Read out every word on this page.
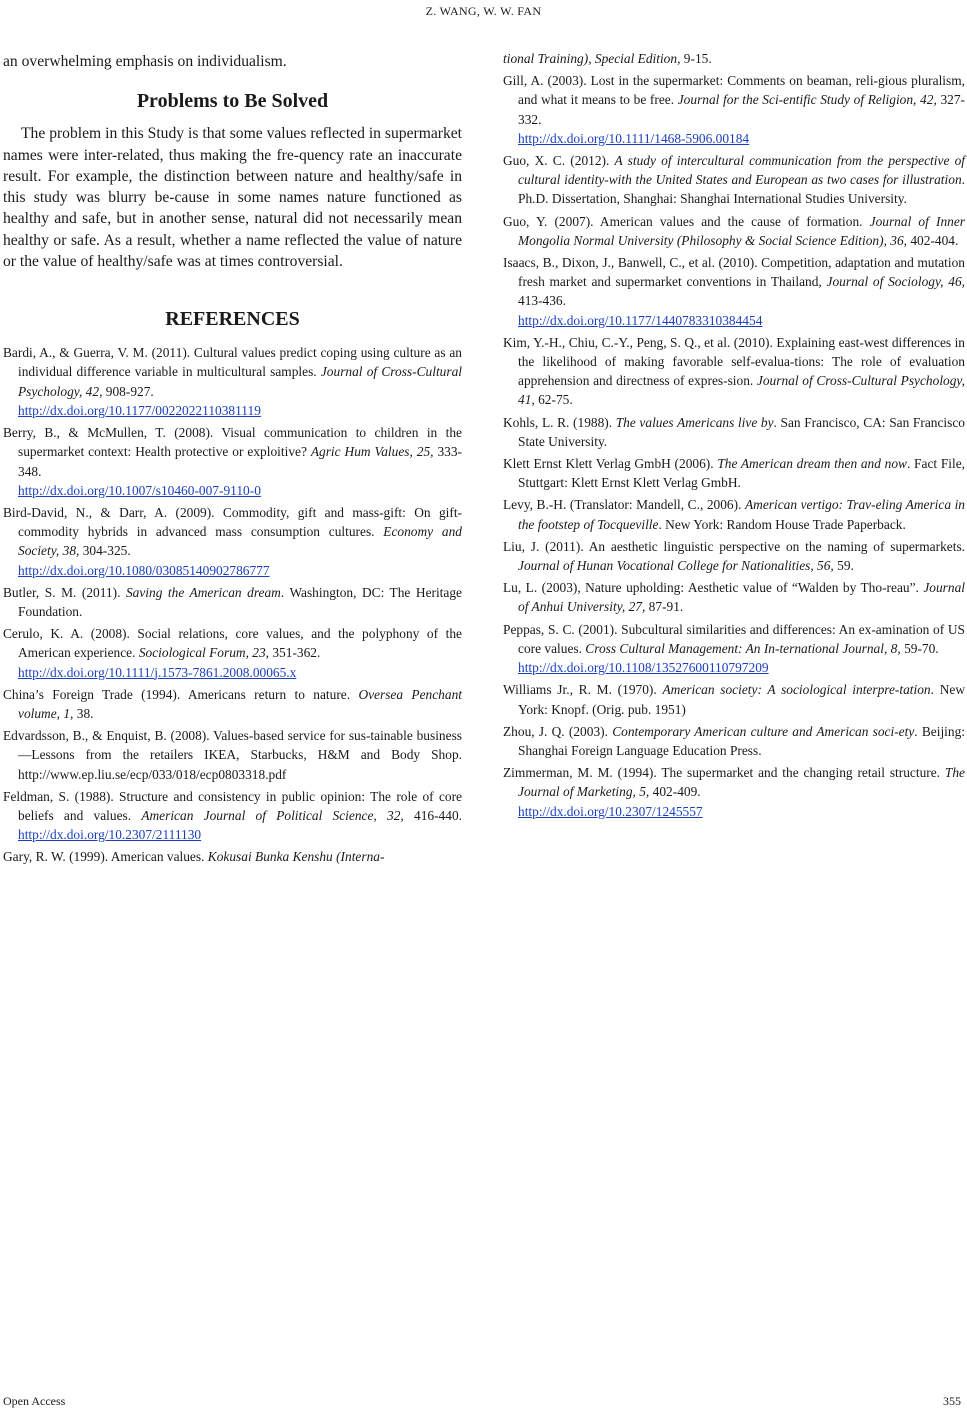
Z. WANG, W. W. FAN

an overwhelming emphasis on individualism.

Problems to Be Solved

The problem in this Study is that some values reflected in supermarket names were inter-related, thus making the fre-quency rate an inaccurate result. For example, the distinction between nature and healthy/safe in this study was blurry be-cause in some names nature functioned as healthy and safe, but in another sense, natural did not necessarily mean healthy or safe. As a result, whether a name reflected the value of nature or the value of healthy/safe was at times controversial.

REFERENCES

Bardi, A., & Guerra, V. M. (2011). Cultural values predict coping using culture as an individual difference variable in multicultural samples. Journal of Cross-Cultural Psychology, 42, 908-927.
http://dx.doi.org/10.1177/0022022110381119

Berry, B., & McMullen, T. (2008). Visual communication to children in the supermarket context: Health protective or exploitive? Agric Hum Values, 25, 333-348.
http://dx.doi.org/10.1007/s10460-007-9110-0

Bird-David, N., & Darr, A. (2009). Commodity, gift and mass-gift: On gift-commodity hybrids in advanced mass consumption cultures. Economy and Society, 38, 304-325.
http://dx.doi.org/10.1080/03085140902786777

Butler, S. M. (2011). Saving the American dream. Washington, DC: The Heritage Foundation.

Cerulo, K. A. (2008). Social relations, core values, and the polyphony of the American experience. Sociological Forum, 23, 351-362.
http://dx.doi.org/10.1111/j.1573-7861.2008.00065.x

China’s Foreign Trade (1994). Americans return to nature. Oversea Penchant volume, 1, 38.

Edvardsson, B., & Enquist, B. (2008). Values-based service for sus-tainable business—Lessons from the retailers IKEA, Starbucks, H&M and Body Shop. http://www.ep.liu.se/ecp/033/018/ecp0803318.pdf

Feldman, S. (1988). Structure and consistency in public opinion: The role of core beliefs and values. American Journal of Political Science, 32, 416-440. http://dx.doi.org/10.2307/2111130

Gary, R. W. (1999). American values. Kokusai Bunka Kenshu (Interna-

tional Training), Special Edition, 9-15.

Gill, A. (2003). Lost in the supermarket: Comments on beaman, reli-gious pluralism, and what it means to be free. Journal for the Sci-entific Study of Religion, 42, 327-332.
http://dx.doi.org/10.1111/1468-5906.00184

Guo, X. C. (2012). A study of intercultural communication from the perspective of cultural identity-with the United States and European as two cases for illustration. Ph.D. Dissertation, Shanghai: Shanghai International Studies University.

Guo, Y. (2007). American values and the cause of formation. Journal of Inner Mongolia Normal University (Philosophy & Social Science Edition), 36, 402-404.

Isaacs, B., Dixon, J., Banwell, C., et al. (2010). Competition, adaptation and mutation fresh market and supermarket conventions in Thailand, Journal of Sociology, 46, 413-436.
http://dx.doi.org/10.1177/1440783310384454

Kim, Y.-H., Chiu, C.-Y., Peng, S. Q., et al. (2010). Explaining east-west differences in the likelihood of making favorable self-evalua-tions: The role of evaluation apprehension and directness of expres-sion. Journal of Cross-Cultural Psychology, 41, 62-75.

Kohls, L. R. (1988). The values Americans live by. San Francisco, CA: San Francisco State University.

Klett Ernst Klett Verlag GmbH (2006). The American dream then and now. Fact File, Stuttgart: Klett Ernst Klett Verlag GmbH.

Levy, B.-H. (Translator: Mandell, C., 2006). American vertigo: Trav-eling America in the footstep of Tocqueville. New York: Random House Trade Paperback.

Liu, J. (2011). An aesthetic linguistic perspective on the naming of supermarkets. Journal of Hunan Vocational College for Nationalities, 56, 59.

Lu, L. (2003), Nature upholding: Aesthetic value of “Walden by Tho-reau”. Journal of Anhui University, 27, 87-91.

Peppas, S. C. (2001). Subcultural similarities and differences: An ex-amination of US core values. Cross Cultural Management: An In-ternational Journal, 8, 59-70.
http://dx.doi.org/10.1108/13527600110797209

Williams Jr., R. M. (1970). American society: A sociological interpre-tation. New York: Knopf. (Orig. pub. 1951)

Zhou, J. Q. (2003). Contemporary American culture and American soci-ety. Beijing: Shanghai Foreign Language Education Press.

Zimmerman, M. M. (1994). The supermarket and the changing retail structure. The Journal of Marketing, 5, 402-409.
http://dx.doi.org/10.2307/1245557

Open Access	355
